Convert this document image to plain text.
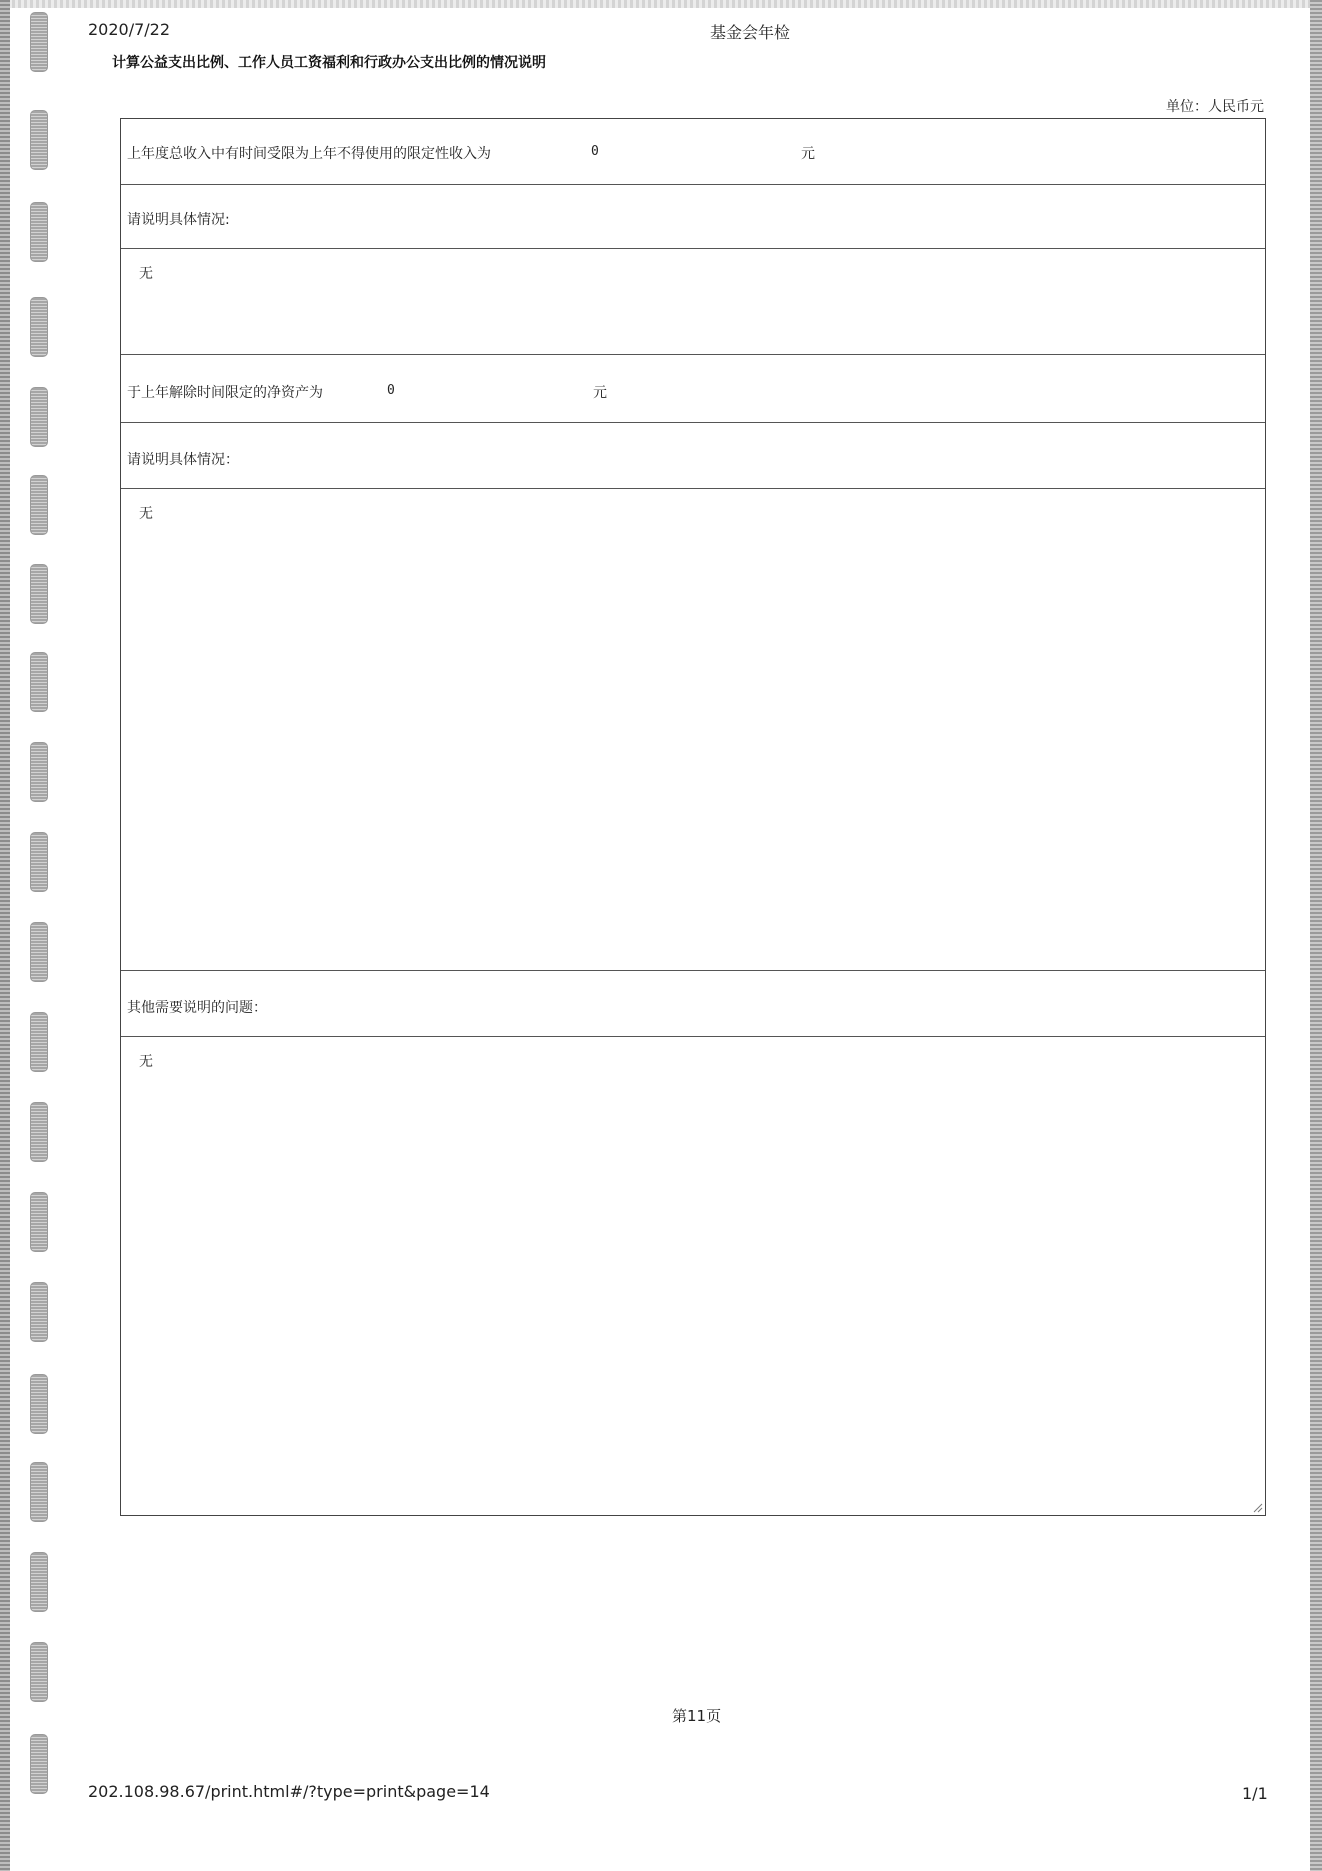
2020/7/22	基金会年检
计算公益支出比例、工作人员工资福利和行政办公支出比例的情况说明
单位：人民币元
上年度总收入中有时间受限为上年不得使用的限定性收入为	0	元
请说明具体情况:
无
于上年解除时间限定的净资产为	0	元
请说明具体情况：
无
其他需要说明的问题：
无
第11页
202.108.98.67/print.html#/?type=print&page=14	1/1
